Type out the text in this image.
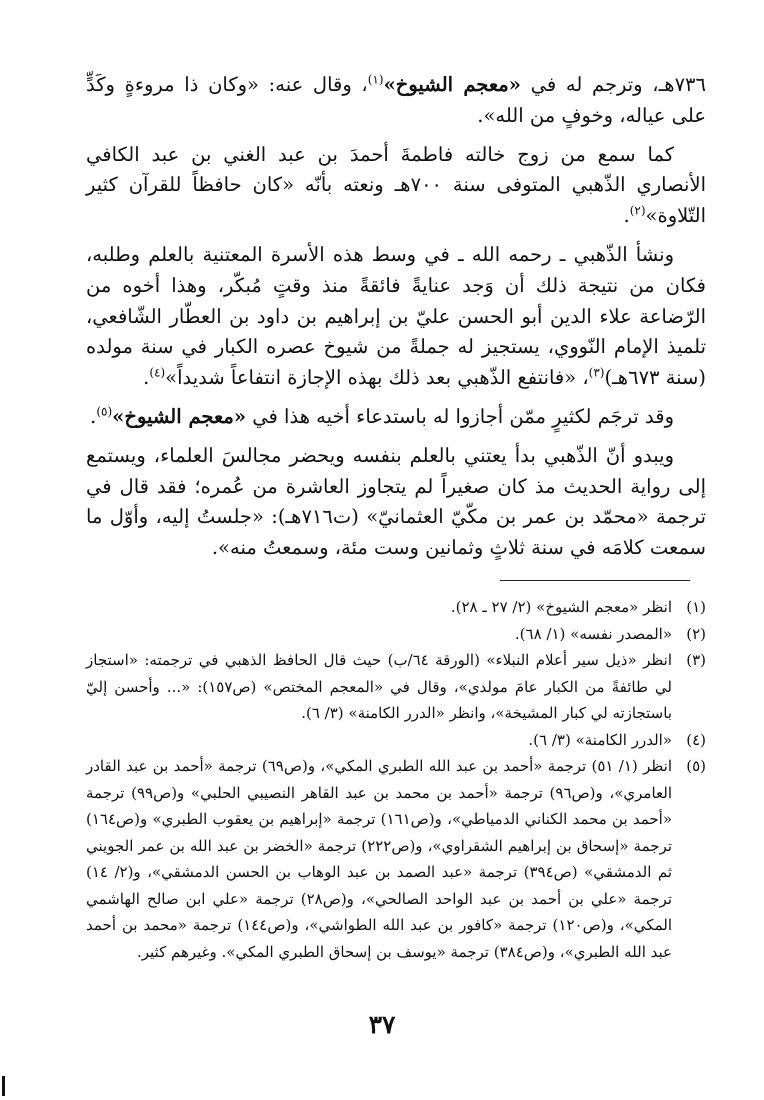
٧٣٦هـ، وترجم له في «معجم الشيوخ»$^{(١)}$، وقال عنه: «وكان ذا مروءةٍ وكَدٍّ على عياله، وخوفٍ من الله».

كما سمع من زوج خالته فاطمةَ أحمدَ بن عبد الغني بن عبد الكافي الأنصاري الذّهبي المتوفى سنة ٧٠٠هـ ونعته بأنّه «كان حافظاً للقرآن كثير التّلاوة»$^{(٢)}$.

ونشأ الذّهبي ـ رحمه الله ـ في وسط هذه الأسرة المعتنية بالعلم وطلبه، فكان من نتيجة ذلك أن وَجد عنايةً فائقةً منذ وقتٍ مُبكّر، وهذا أخوه من الرّضاعة علاء الدين أبو الحسن عليّ بن إبراهيم بن داود بن العطّار الشّافعي، تلميذ الإمام النّووي، يستجيز له جملةً من شيوخ عصره الكبار في سنة مولده (سنة ٦٧٣هـ)$^{(٣)}$، «فانتفع الذّهبي بعد ذلك بهذه الإجازة انتفاعاً شديداً»$^{(٤)}$.

وقد ترجَم لكثيرٍ ممّن أجازوا له باستدعاء أخيه هذا في «معجم الشيوخ»$^{(٥)}$.

ويبدو أنّ الذّهبي بدأ يعتني بالعلم بنفسه ويحضر مجالسَ العلماء، ويستمع إلى رواية الحديث مذ كان صغيراً لم يتجاوز العاشرة من عُمره؛ فقد قال في ترجمة «محمّد بن عمر بن مكّيّ العثمانيّ» (ت٧١٦هـ): «جلستُ إليه، وأوّل ما سمعت كلامَه في سنة ثلاثٍ وثمانين وست مئة، وسمعتُ منه».

(١)
انظر «معجم الشيوخ» (٢/ ٢٧ ـ ٢٨).
(٢)
«المصدر نفسه» (١/ ٦٨).
(٣)
انظر «ذيل سير أعلام النبلاء» (الورقة ٦٤/ب) حيث قال الحافظ الذهبي في ترجمته: «استجاز لي طائفةً من الكبار عامَ مولدي»، وقال في «المعجم المختص» (ص١٥٧): «... وأحسن إليّ باستجازته لي كبار المشيخة»، وانظر «الدرر الكامنة» (٣/ ٦).
(٤)
«الدرر الكامنة» (٣/ ٦).
(٥)
انظر (١/ ٥١) ترجمة «أحمد بن عبد الله الطبري المكي»، و(ص٦٩) ترجمة «أحمد بن عبد القادر العامري»، و(ص٩٦) ترجمة «أحمد بن محمد بن عبد القاهر النصيبي الحلبي» و(ص٩٩) ترجمة «أحمد بن محمد الكناني الدمياطي»، و(ص١٦١) ترجمة «إبراهيم بن يعقوب الطبري» و(ص١٦٤) ترجمة «إسحاق بن إبراهيم الشقراوي»، و(ص٢٢٢) ترجمة «الخضر بن عبد الله بن عمر الجويني ثم الدمشقي» (ص٣٩٤) ترجمة «عبد الصمد بن عبد الوهاب بن الحسن الدمشقي»، و(٢/ ١٤) ترجمة «علي بن أحمد بن عبد الواحد الصالحي»، و(ص٢٨) ترجمة «علي ابن صالح الهاشمي المكي»، و(ص١٢٠) ترجمة «كافور بن عبد الله الطواشي»، و(ص١٤٤) ترجمة «محمد بن أحمد عبد الله الطبري»، و(ص٣٨٤) ترجمة «يوسف بن إسحاق الطبري المكي». وغيرهم كثير.
٣٧
